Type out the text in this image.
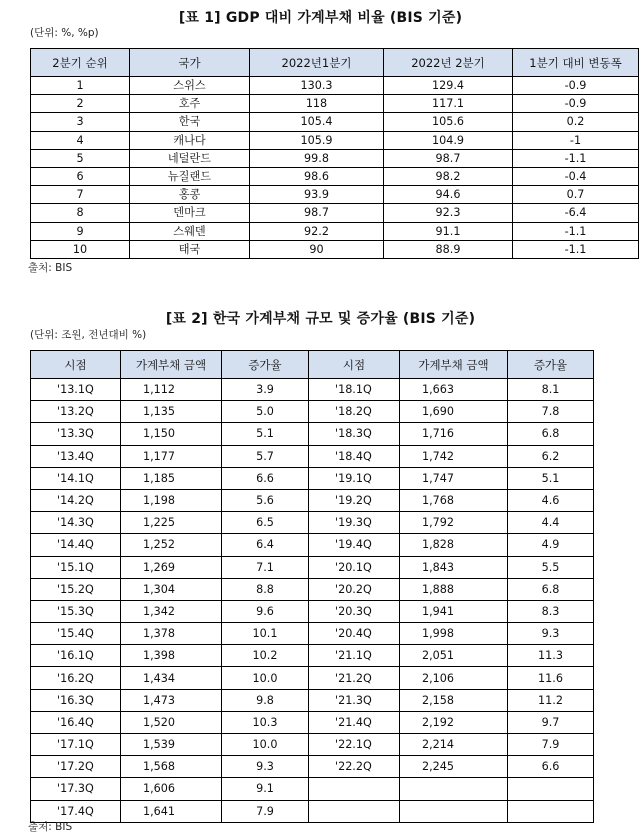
[표 1] GDP 대비 가계부채 비율 (BIS 기준)
(단위: %, %p)
2분기 순위	국가	2022년1분기	2022년 2분기	1분기 대비 변동폭
1	스위스	130.3	129.4	-0.9
2	호주	118	117.1	-0.9
3	한국	105.4	105.6	0.2
4	캐나다	105.9	104.9	-1
5	네덜란드	99.8	98.7	-1.1
6	뉴질랜드	98.6	98.2	-0.4
7	홍콩	93.9	94.6	0.7
8	덴마크	98.7	92.3	-6.4
9	스웨덴	92.2	91.1	-1.1
10	태국	90	88.9	-1.1
출처: BIS
[표 2] 한국 가계부채 규모 및 증가율 (BIS 기준)
(단위: 조원, 전년대비 %)
시점	가계부채 금액	증가율	시점	가계부채 금액	증가율
'13.1Q	1,112	3.9	'18.1Q	1,663	8.1
'13.2Q	1,135	5.0	'18.2Q	1,690	7.8
'13.3Q	1,150	5.1	'18.3Q	1,716	6.8
'13.4Q	1,177	5.7	'18.4Q	1,742	6.2
'14.1Q	1,185	6.6	'19.1Q	1,747	5.1
'14.2Q	1,198	5.6	'19.2Q	1,768	4.6
'14.3Q	1,225	6.5	'19.3Q	1,792	4.4
'14.4Q	1,252	6.4	'19.4Q	1,828	4.9
'15.1Q	1,269	7.1	'20.1Q	1,843	5.5
'15.2Q	1,304	8.8	'20.2Q	1,888	6.8
'15.3Q	1,342	9.6	'20.3Q	1,941	8.3
'15.4Q	1,378	10.1	'20.4Q	1,998	9.3
'16.1Q	1,398	10.2	'21.1Q	2,051	11.3
'16.2Q	1,434	10.0	'21.2Q	2,106	11.6
'16.3Q	1,473	9.8	'21.3Q	2,158	11.2
'16.4Q	1,520	10.3	'21.4Q	2,192	9.7
'17.1Q	1,539	10.0	'22.1Q	2,214	7.9
'17.2Q	1,568	9.3	'22.2Q	2,245	6.6
'17.3Q	1,606	9.1			
'17.4Q	1,641	7.9			
출처: BIS
